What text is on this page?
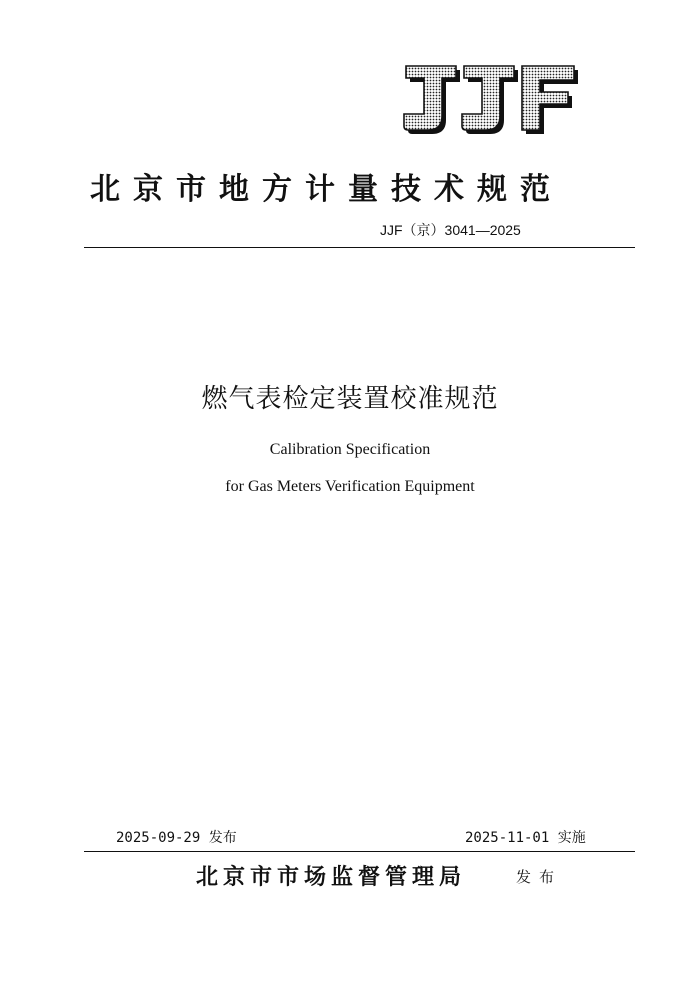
北京市地方计量技术规范
JJF（京）3041—2025
燃气表检定装置校准规范
Calibration Specification
for Gas Meters Verification Equipment
2025-09-29 发布	2025-11-01 实施
北京市市场监督管理局	发布
